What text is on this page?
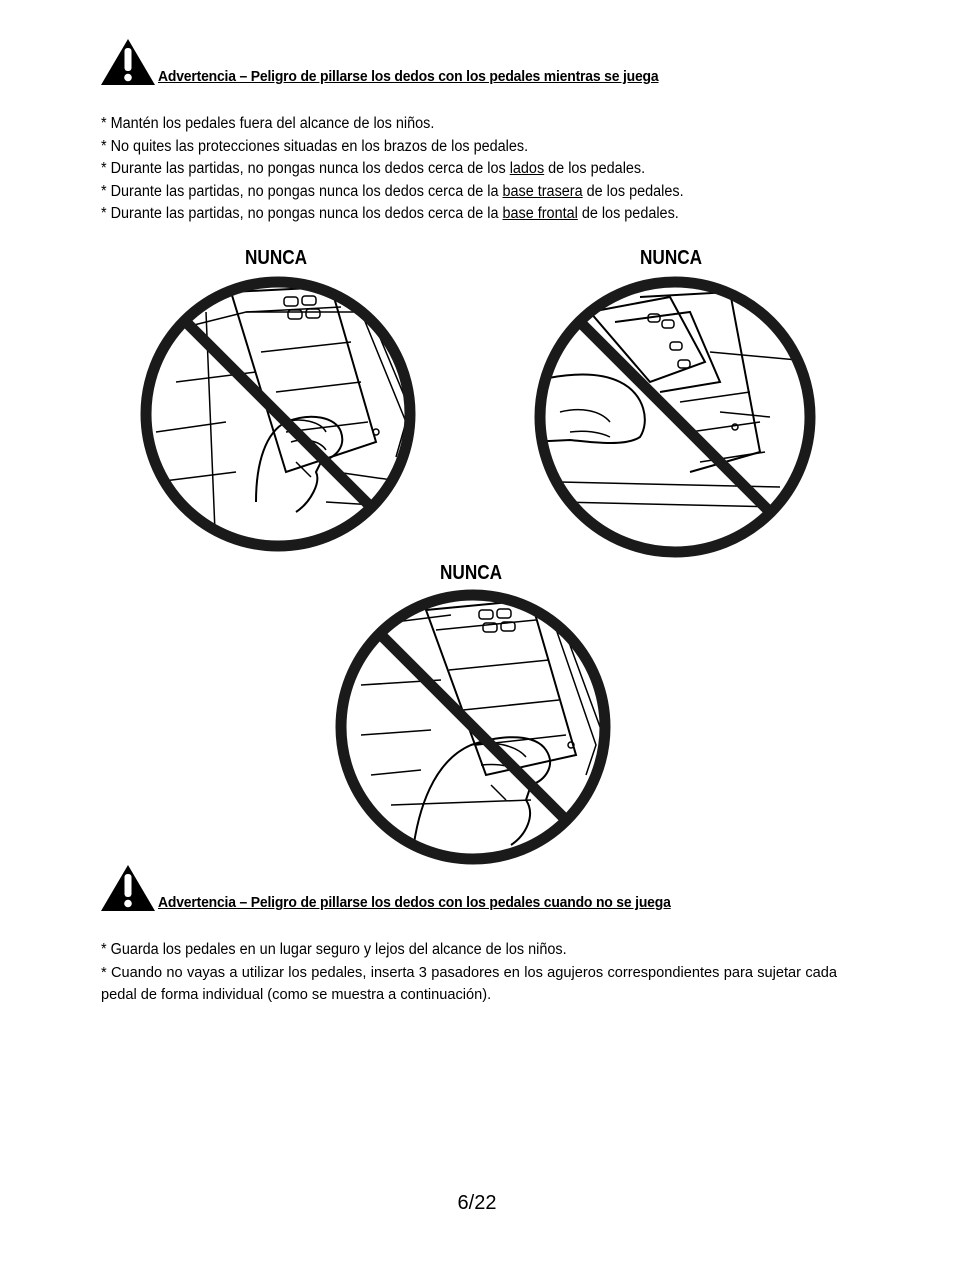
Advertencia – Peligro de pillarse los dedos con los pedales mientras se juega

* Mantén los pedales fuera del alcance de los niños.

* No quites las protecciones situadas en los brazos de los pedales.

* Durante las partidas, no pongas nunca los dedos cerca de los lados de los pedales.

* Durante las partidas, no pongas nunca los dedos cerca de la base trasera de los pedales.

* Durante las partidas, no pongas nunca los dedos cerca de la base frontal de los pedales.

NUNCA	NUNCA
NUNCA
Advertencia – Peligro de pillarse los dedos con los pedales cuando no se juega

* Guarda los pedales en un lugar seguro y lejos del alcance de los niños.

* Cuando no vayas a utilizar los pedales, inserta 3 pasadores en los agujeros correspondientes para sujetar cada pedal de forma individual (como se muestra a continuación).

6/22
